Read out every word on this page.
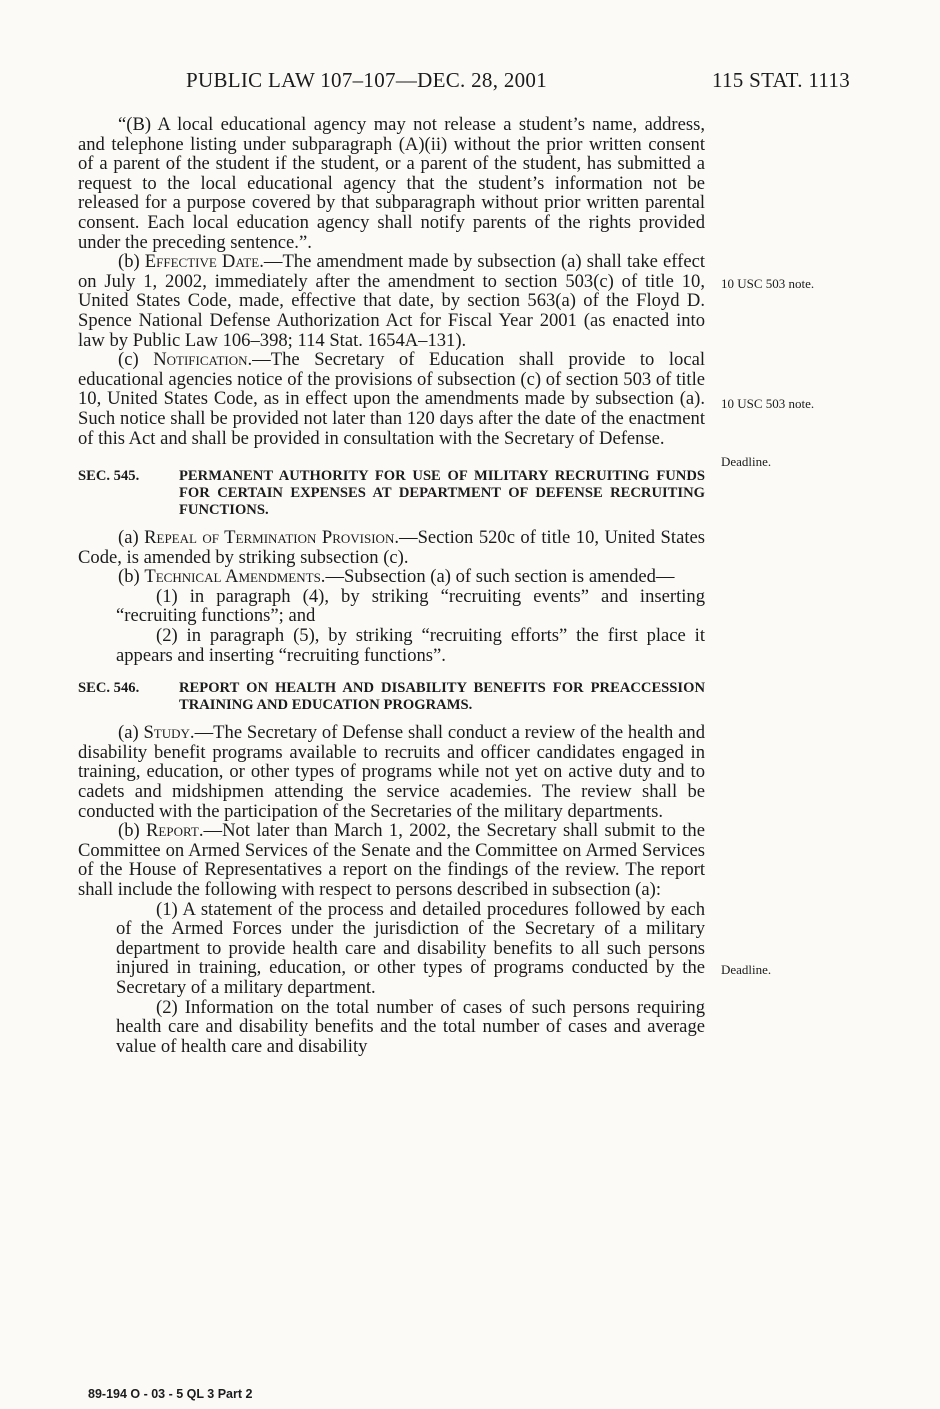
PUBLIC LAW 107–107—DEC. 28, 2001	115 STAT. 1113

“(B) A local educational agency may not release a student’s name, address, and telephone listing under subparagraph (A)(ii) without the prior written consent of a parent of the student if the student, or a parent of the student, has submitted a request to the local educational agency that the student’s information not be released for a purpose covered by that subparagraph without prior written parental consent. Each local education agency shall notify parents of the rights provided under the preceding sentence.”.

(b) Effective Date.—The amendment made by subsection (a) shall take effect on July 1, 2002, immediately after the amendment to section 503(c) of title 10, United States Code, made, effective that date, by section 563(a) of the Floyd D. Spence National Defense Authorization Act for Fiscal Year 2001 (as enacted into law by Public Law 106–398; 114 Stat. 1654A–131).

(c) Notification.—The Secretary of Education shall provide to local educational agencies notice of the provisions of subsection (c) of section 503 of title 10, United States Code, as in effect upon the amendments made by subsection (a). Such notice shall be provided not later than 120 days after the date of the enactment of this Act and shall be provided in consultation with the Secretary of Defense.

SEC. 545.	PERMANENT AUTHORITY FOR USE OF MILITARY RECRUITING FUNDS FOR CERTAIN EXPENSES AT DEPARTMENT OF DEFENSE RECRUITING FUNCTIONS.

(a) Repeal of Termination Provision.—Section 520c of title 10, United States Code, is amended by striking subsection (c).

(b) Technical Amendments.—Subsection (a) of such section is amended—

(1) in paragraph (4), by striking “recruiting events” and inserting “recruiting functions”; and

(2) in paragraph (5), by striking “recruiting efforts” the first place it appears and inserting “recruiting functions”.

SEC. 546.	REPORT ON HEALTH AND DISABILITY BENEFITS FOR PREACCESSION TRAINING AND EDUCATION PROGRAMS.

(a) Study.—The Secretary of Defense shall conduct a review of the health and disability benefit programs available to recruits and officer candidates engaged in training, education, or other types of programs while not yet on active duty and to cadets and midshipmen attending the service academies. The review shall be conducted with the participation of the Secretaries of the military departments.

(b) Report.—Not later than March 1, 2002, the Secretary shall submit to the Committee on Armed Services of the Senate and the Committee on Armed Services of the House of Representatives a report on the findings of the review. The report shall include the following with respect to persons described in subsection (a):

(1) A statement of the process and detailed procedures followed by each of the Armed Forces under the jurisdiction of the Secretary of a military department to provide health care and disability benefits to all such persons injured in training, education, or other types of programs conducted by the Secretary of a military department.

(2) Information on the total number of cases of such persons requiring health care and disability benefits and the total number of cases and average value of health care and disability

10 USC 503 note.
10 USC 503 note.
Deadline.
Deadline.
89-194 O - 03 - 5 QL 3 Part 2
